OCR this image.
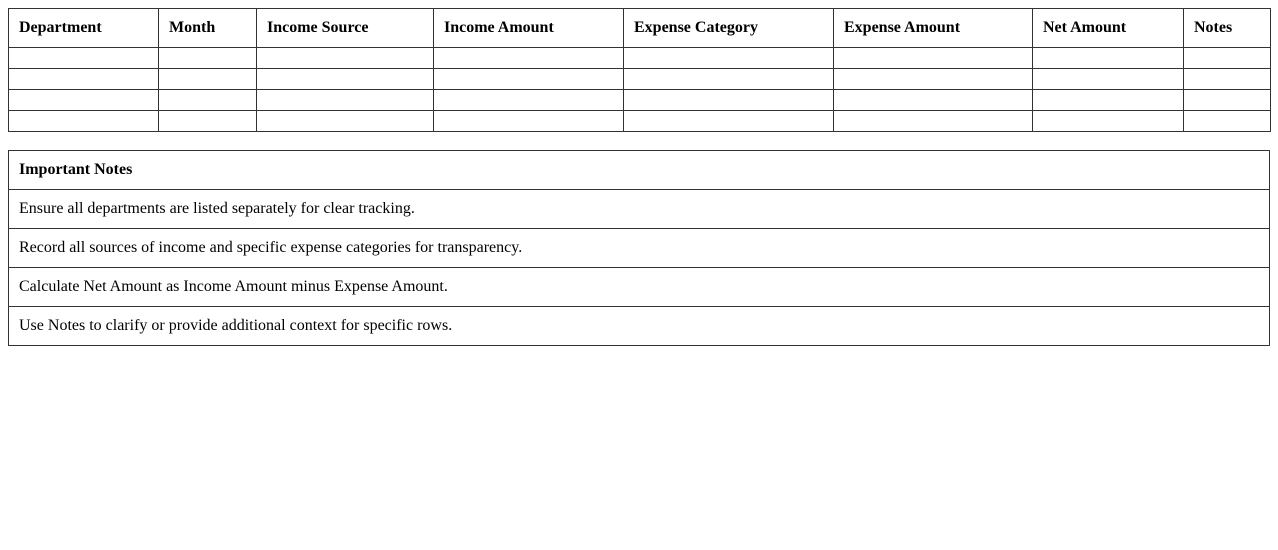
Department	Month	Income Source	Income Amount	Expense Category	Expense Amount	Net Amount	Notes

Important Notes
Ensure all departments are listed separately for clear tracking.
Record all sources of income and specific expense categories for transparency.
Calculate Net Amount as Income Amount minus Expense Amount.
Use Notes to clarify or provide additional context for specific rows.
